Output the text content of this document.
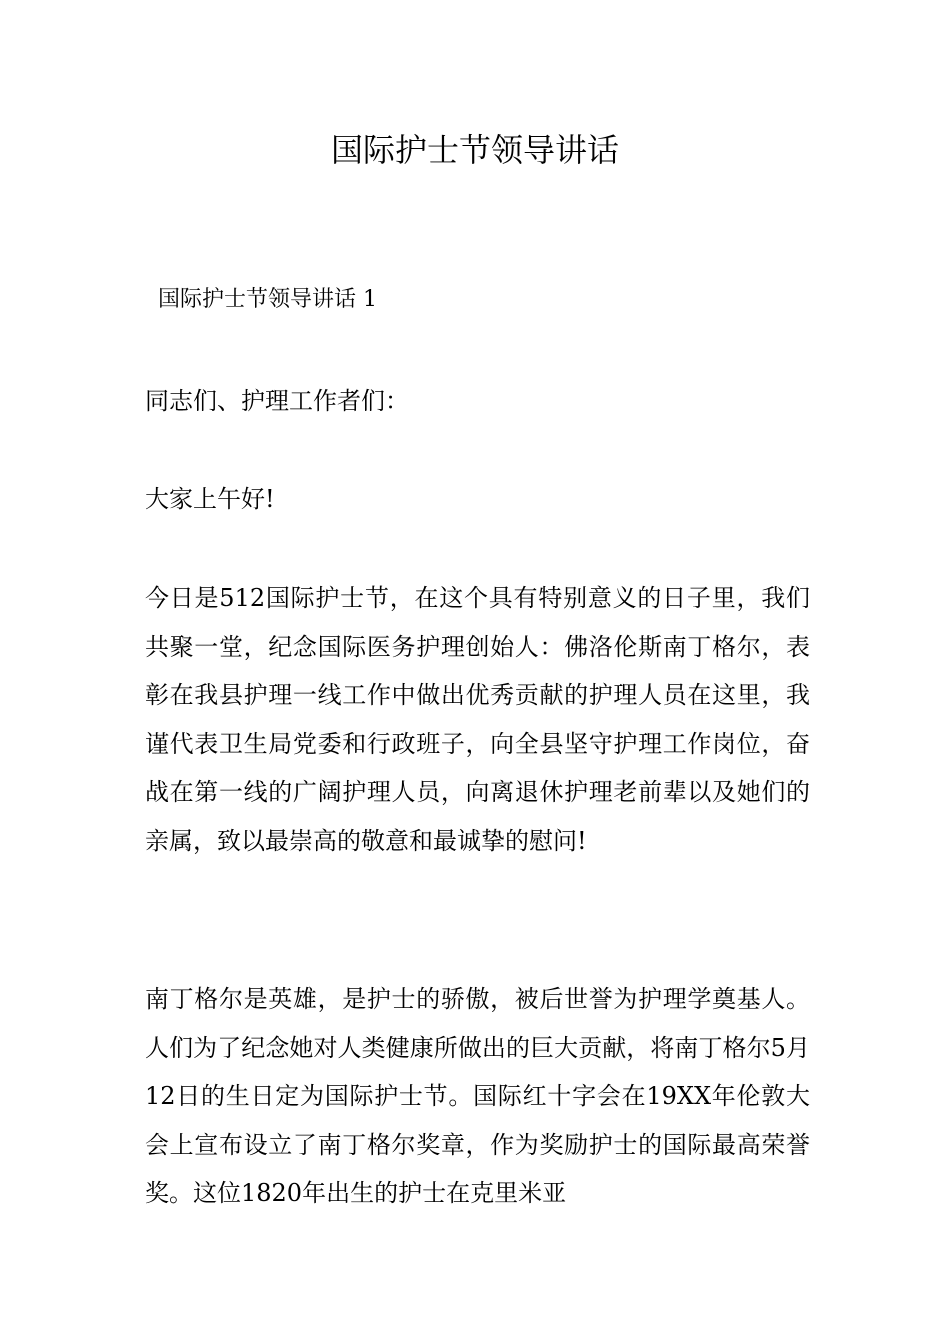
国际护士节领导讲话

国际护士节领导讲话 1

同志们、护理工作者们：

大家上午好!

今日是512国际护士节，在这个具有特别意义的日子里，我们共聚一堂，纪念国际医务护理创始人：佛洛伦斯南丁格尔，表彰在我县护理一线工作中做出优秀贡献的护理人员在这里，我谨代表卫生局党委和行政班子，向全县坚守护理工作岗位，奋战在第一线的广阔护理人员，向离退休护理老前辈以及她们的亲属，致以最崇高的敬意和最诚挚的慰问!

南丁格尔是英雄，是护士的骄傲，被后世誉为护理学奠基人。人们为了纪念她对人类健康所做出的巨大贡献，将南丁格尔5月12日的生日定为国际护士节。国际红十字会在19XX年伦敦大会上宣布设立了南丁格尔奖章，作为奖励护士的国际最高荣誉奖。这位1820年出生的护士在克里米亚
